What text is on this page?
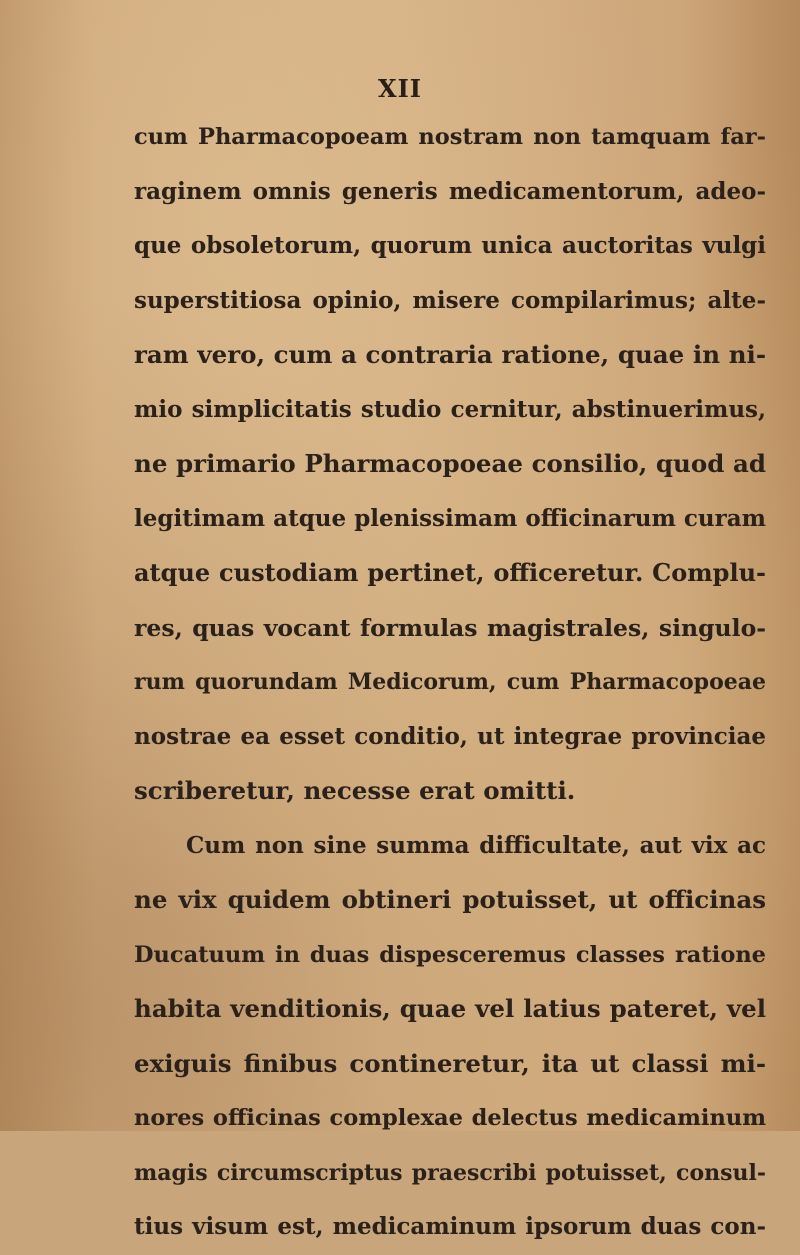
XII
cum Pharmacopoeam nostram non tamquam far-
raginem omnis generis medicamentorum, adeo-
que obsoletorum, quorum unica auctoritas vulgi
superstitiosa opinio, misere compilarimus; alte-
ram vero, cum a contraria ratione, quae in ni-
mio simplicitatis studio cernitur, abstinuerimus,
ne primario Pharmacopoeae consilio, quod ad
legitimam atque plenissimam officinarum curam
atque custodiam pertinet, officeretur. Complu-
res, quas vocant formulas magistrales, singulo-
rum quorundam Medicorum, cum Pharmacopoeae
nostrae ea esset conditio, ut integrae provinciae
scriberetur, necesse erat omitti.
Cum non sine summa difficultate, aut vix ac
ne vix quidem obtineri potuisset, ut officinas
Ducatuum in duas dispesceremus classes ratione
habita venditionis, quae vel latius pateret, vel
exiguis finibus contineretur, ita ut classi mi-
nores officinas complexae delectus medicaminum
magis circumscriptus praescribi potuisset, consul-
tius visum est, medicaminum ipsorum duas con-
